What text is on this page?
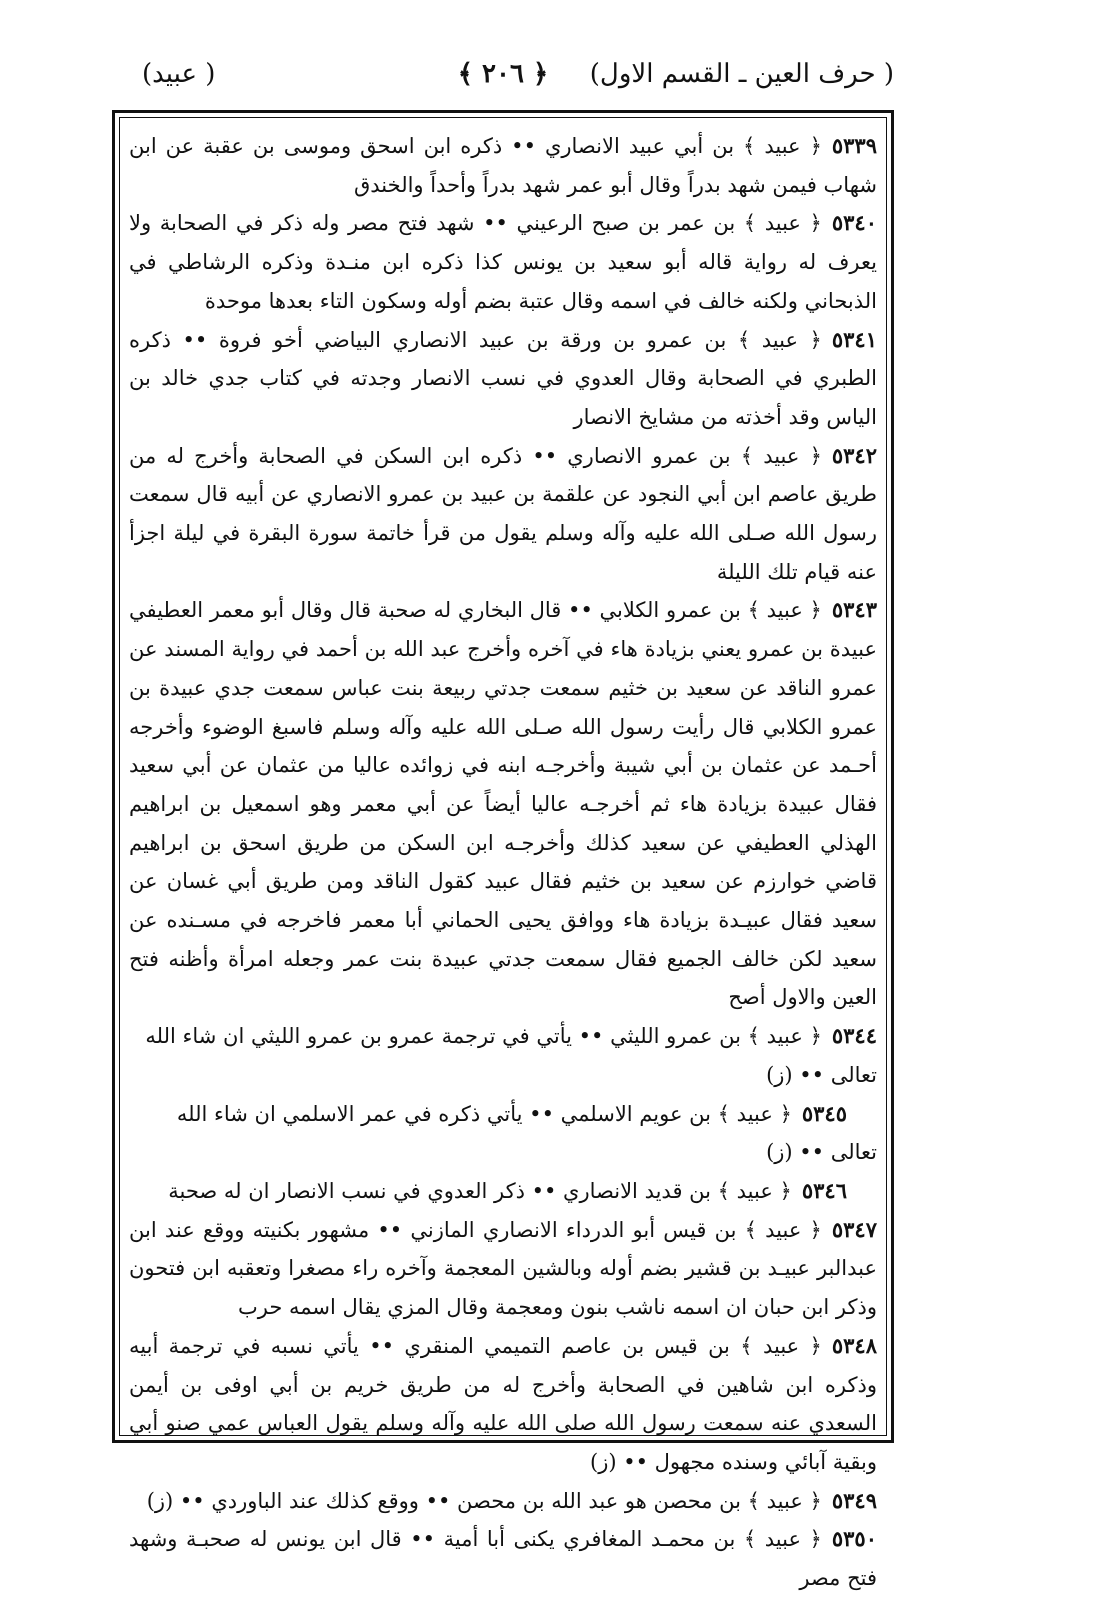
( حرف العين ـ القسم الاول)
﴿ ٢٠٦ ﴾
( عبيد)

٥٣٣٩﴿ عبيد ﴾ بن أبي عبيد الانصاري •• ذكره ابن اسحق وموسى بن عقبة عن ابن شهاب فيمن شهد بدراً وقال أبو عمر شهد بدراً وأحداً والخندق

٥٣٤٠﴿ عبيد ﴾ بن عمر بن صبح الرعيني •• شهد فتح مصر وله ذكر في الصحابة ولا يعرف له رواية قاله أبو سعيد بن يونس كذا ذكره ابن منـدة وذكره الرشاطي في الذبحاني ولكنه خالف في اسمه وقال عتبة بضم أوله وسكون التاء بعدها موحدة

٥٣٤١﴿ عبيد ﴾ بن عمرو بن ورقة بن عبيد الانصاري البياضي أخو فروة •• ذكره الطبري في الصحابة وقال العدوي في نسب الانصار وجدته في كتاب جدي خالد بن الياس وقد أخذته من مشايخ الانصار

٥٣٤٢﴿ عبيد ﴾ بن عمرو الانصاري •• ذكره ابن السكن في الصحابة وأخرج له من طريق عاصم ابن أبي النجود عن علقمة بن عبيد بن عمرو الانصاري عن أبيه قال سمعت رسول الله صـلى الله عليه وآله وسلم يقول من قرأ خاتمة سورة البقرة في ليلة اجزأ عنه قيام تلك الليلة

٥٣٤٣﴿ عبيد ﴾ بن عمرو الكلابي •• قال البخاري له صحبة قال وقال أبو معمر العطيفي عبيدة بن عمرو يعني بزيادة هاء في آخره وأخرج عبد الله بن أحمد في رواية المسند عن عمرو الناقد عن سعيد بن خثيم سمعت جدتي ربيعة بنت عباس سمعت جدي عبيدة بن عمرو الكلابي قال رأيت رسول الله صـلى الله عليه وآله وسلم فاسبغ الوضوء وأخرجه أحـمد عن عثمان بن أبي شيبة وأخرجـه ابنه في زوائده عاليا من عثمان عن أبي سعيد فقال عبيدة بزيادة هاء ثم أخرجـه عاليا أيضاً عن أبي معمر وهو اسمعيل بن ابراهيم الهذلي العطيفي عن سعيد كذلك وأخرجـه ابن السكن من طريق اسحق بن ابراهيم قاضي خوارزم عن سعيد بن خثيم فقال عبيد كقول الناقد ومن طريق أبي غسان عن سعيد فقال عبيـدة بزيادة هاء ووافق يحيى الحماني أبا معمر فاخرجه في مسـنده عن سعيد لكن خالف الجميع فقال سمعت جدتي عبيدة بنت عمر وجعله امرأة وأظنه فتح العين والاول أصح

٥٣٤٤﴿ عبيد ﴾ بن عمرو الليثي •• يأتي في ترجمة عمرو بن عمرو الليثي ان شاء الله تعالى •• (ز)

٥٣٤٥﴿ عبيد ﴾ بن عويم الاسلمي •• يأتي ذكره في عمر الاسلمي ان شاء الله تعالى •• (ز)

٥٣٤٦﴿ عبيد ﴾ بن قديد الانصاري •• ذكر العدوي في نسب الانصار ان له صحبة

٥٣٤٧﴿ عبيد ﴾ بن قيس أبو الدرداء الانصاري المازني •• مشهور بكنيته ووقع عند ابن عبدالبر عبيـد بن قشير بضم أوله وبالشين المعجمة وآخره راء مصغرا وتعقبه ابن فتحون وذكر ابن حبان ان اسمه ناشب بنون ومعجمة وقال المزي يقال اسمه حرب

٥٣٤٨﴿ عبيد ﴾ بن قيس بن عاصم التميمي المنقري •• يأتي نسبه في ترجمة أبيه وذكره ابن شاهين في الصحابة وأخرج له من طريق خريم بن أبي اوفى بن أيمن السعدي عنه سمعت رسول الله صلى الله عليه وآله وسلم يقول العباس عمي صنو أبي وبقية آبائي وسنده مجهول •• (ز)

٥٣٤٩﴿ عبيد ﴾ بن محصن هو عبد الله بن محصن •• ووقع كذلك عند الباوردي •• (ز)

٥٣٥٠﴿ عبيد ﴾ بن محمـد المغافري يكنى أبا أمية •• قال ابن يونس له صحبـة وشهد فتح مصر
